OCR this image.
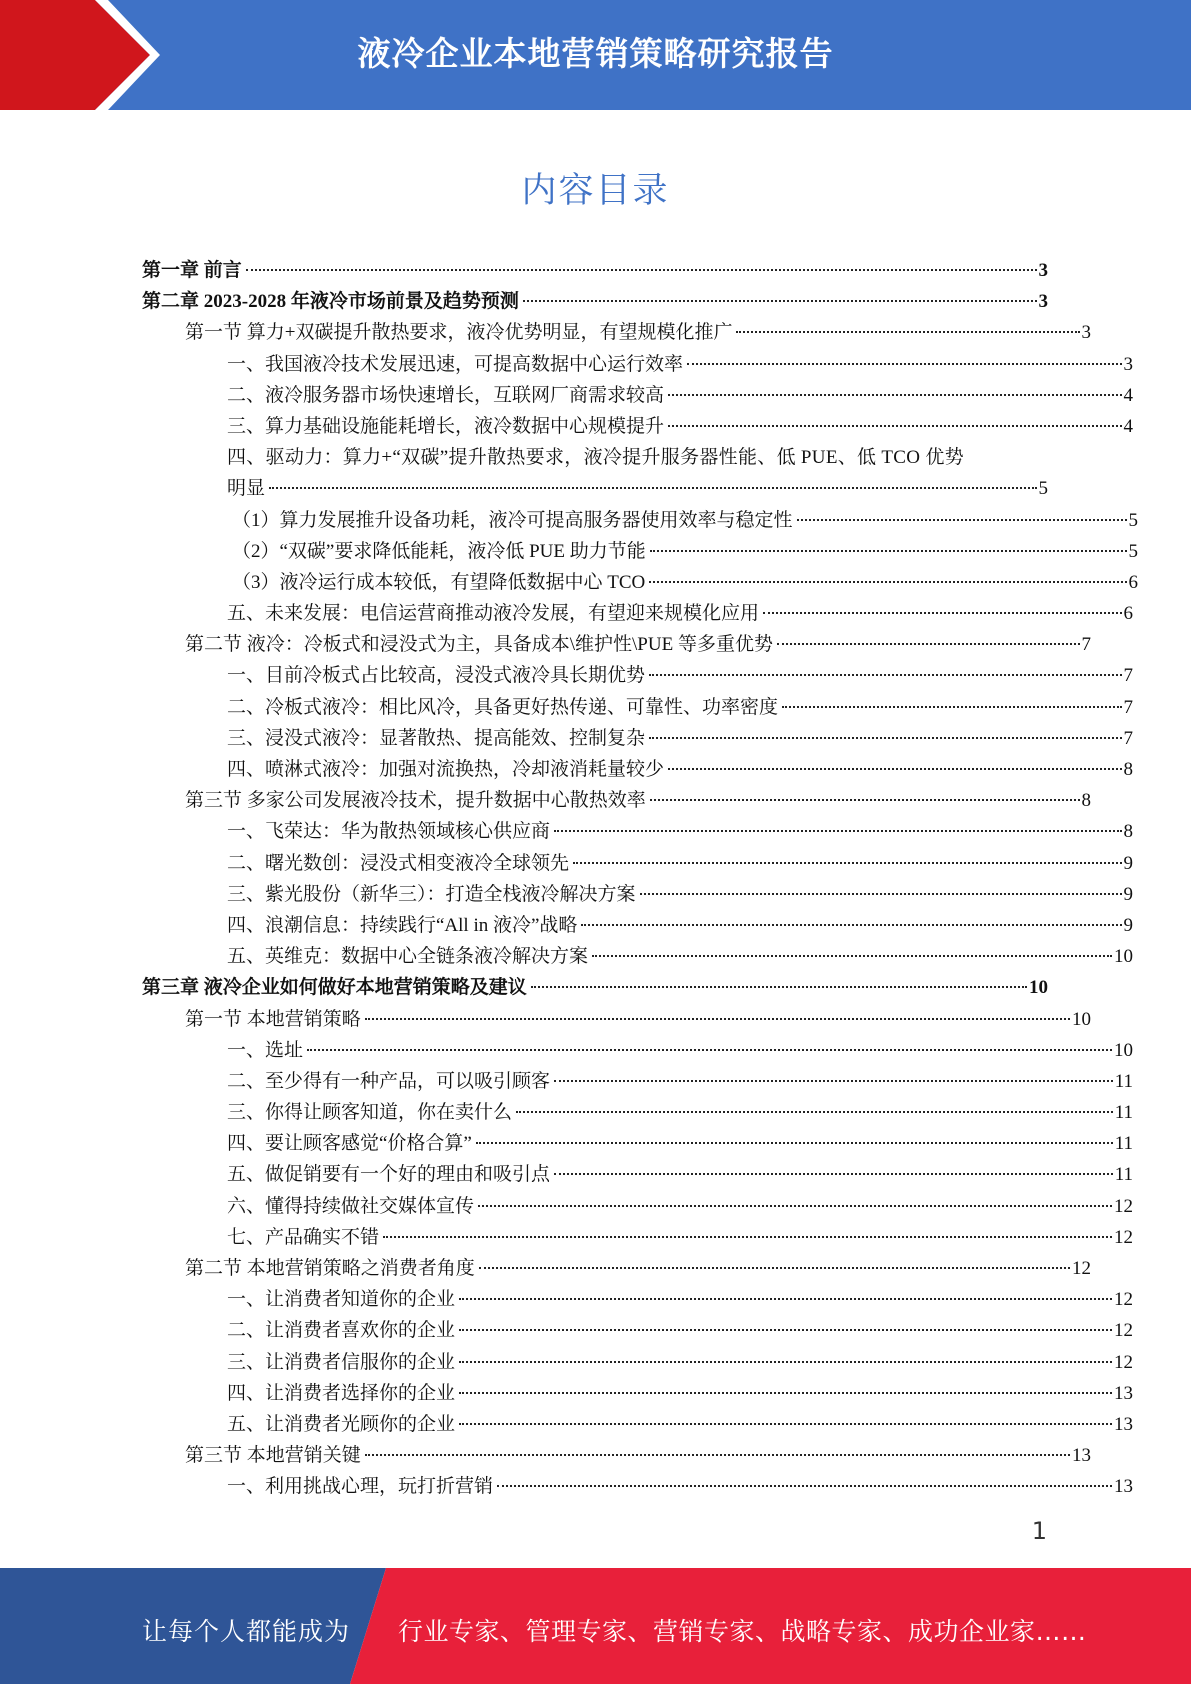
液冷企业本地营销策略研究报告
内容目录
第一章 前言	3
第二章 2023-2028 年液冷市场前景及趋势预测	3
第一节 算力+双碳提升散热要求，液冷优势明显，有望规模化推广	3
一、我国液冷技术发展迅速，可提高数据中心运行效率	3
二、液冷服务器市场快速增长，互联网厂商需求较高	4
三、算力基础设施能耗增长，液冷数据中心规模提升	4
四、驱动力：算力+“双碳”提升散热要求，液冷提升服务器性能、低 PUE、低 TCO 优势
明显	5
（1）算力发展推升设备功耗，液冷可提高服务器使用效率与稳定性	5
（2）“双碳”要求降低能耗，液冷低 PUE 助力节能	5
（3）液冷运行成本较低，有望降低数据中心 TCO	6
五、未来发展：电信运营商推动液冷发展，有望迎来规模化应用	6
第二节 液冷：冷板式和浸没式为主，具备成本\维护性\PUE 等多重优势	7
一、目前冷板式占比较高，浸没式液冷具长期优势	7
二、冷板式液冷：相比风冷，具备更好热传递、可靠性、功率密度	7
三、浸没式液冷：显著散热、提高能效、控制复杂	7
四、喷淋式液冷：加强对流换热，冷却液消耗量较少	8
第三节 多家公司发展液冷技术，提升数据中心散热效率	8
一、飞荣达：华为散热领域核心供应商	8
二、曙光数创：浸没式相变液冷全球领先	9
三、紫光股份（新华三）：打造全栈液冷解决方案	9
四、浪潮信息：持续践行“All in 液冷”战略	9
五、英维克：数据中心全链条液冷解决方案	10
第三章 液冷企业如何做好本地营销策略及建议	10
第一节 本地营销策略	10
一、选址	10
二、至少得有一种产品，可以吸引顾客	11
三、你得让顾客知道，你在卖什么	11
四、要让顾客感觉“价格合算”	11
五、做促销要有一个好的理由和吸引点	11
六、懂得持续做社交媒体宣传	12
七、产品确实不错	12
第二节 本地营销策略之消费者角度	12
一、让消费者知道你的企业	12
二、让消费者喜欢你的企业	12
三、让消费者信服你的企业	12
四、让消费者选择你的企业	13
五、让消费者光顾你的企业	13
第三节 本地营销关键	13
一、利用挑战心理，玩打折营销	13
1
让每个人都能成为 行业专家、管理专家、营销专家、战略专家、成功企业家……
